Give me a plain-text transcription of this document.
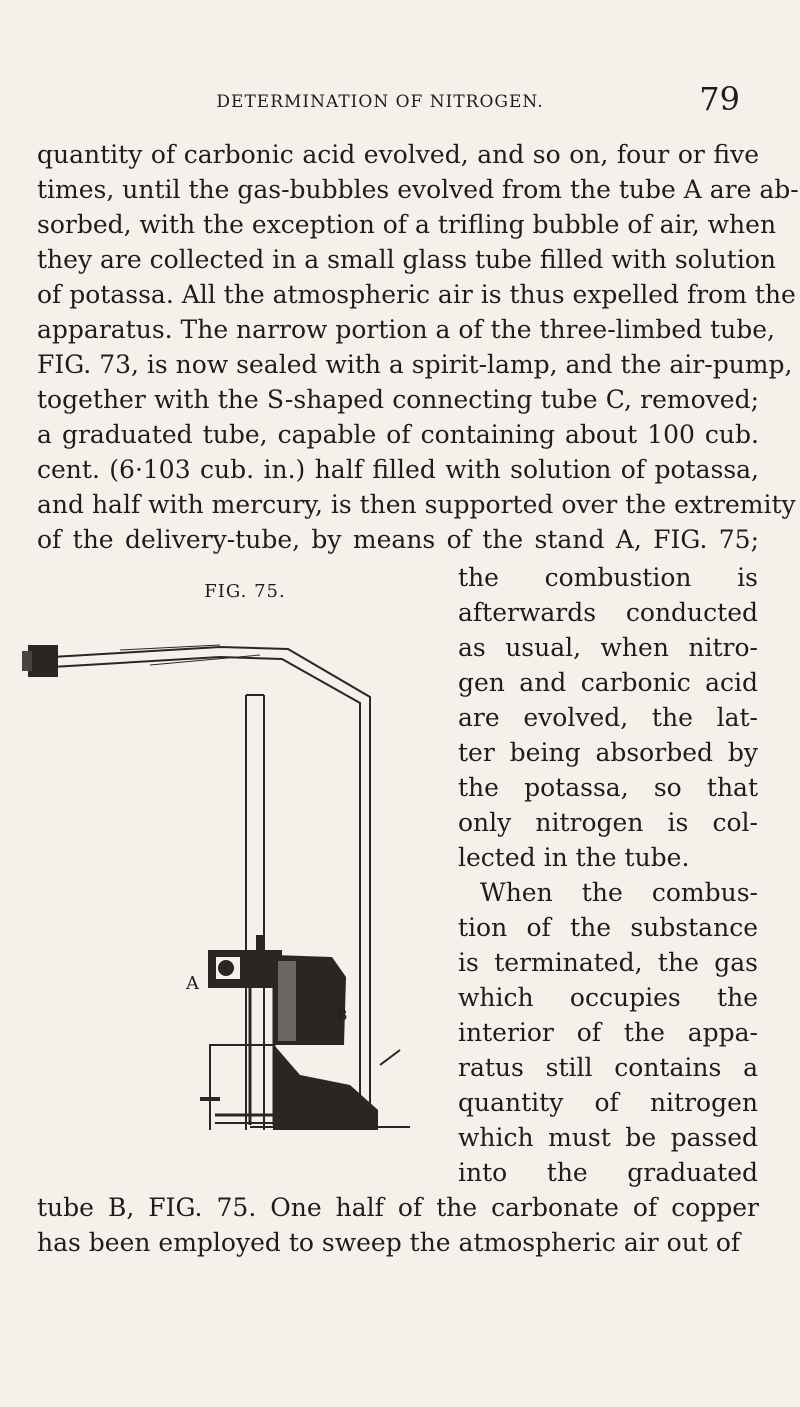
DETERMINATION OF NITROGEN.	79
quantity of carbonic acid evolved, and so on, four or five
times, until the gas-bubbles evolved from the tube A are ab-
sorbed, with the exception of a trifling bubble of air, when
they are collected in a small glass tube filled with solution
of potassa. All the atmospheric air is thus expelled from the
apparatus. The narrow portion a of the three-limbed tube,
FIG. 73, is now sealed with a spirit-lamp, and the air-pump,
together with the S-shaped connecting tube C, removed;
a graduated tube, capable of containing about 100 cub.
cent. (6·103 cub. in.) half filled with solution of potassa,
and half with mercury, is then supported over the extremity
of the delivery-tube, by means of the stand A, FIG. 75;
FIG. 75.	the combustion is
afterwards conducted
as usual, when nitro-
gen and carbonic acid
are evolved, the lat-
ter being absorbed by
the potassa, so that
only nitrogen is col-
lected in the tube.
When the combus-
tion of the substance
is terminated, the gas
which occupies the
interior of the appa-
ratus still contains a
quantity of nitrogen
which must be passed
into the graduated
tube B, FIG. 75. One half of the carbonate of copper
has been employed to sweep the atmospheric air out of
A
B
